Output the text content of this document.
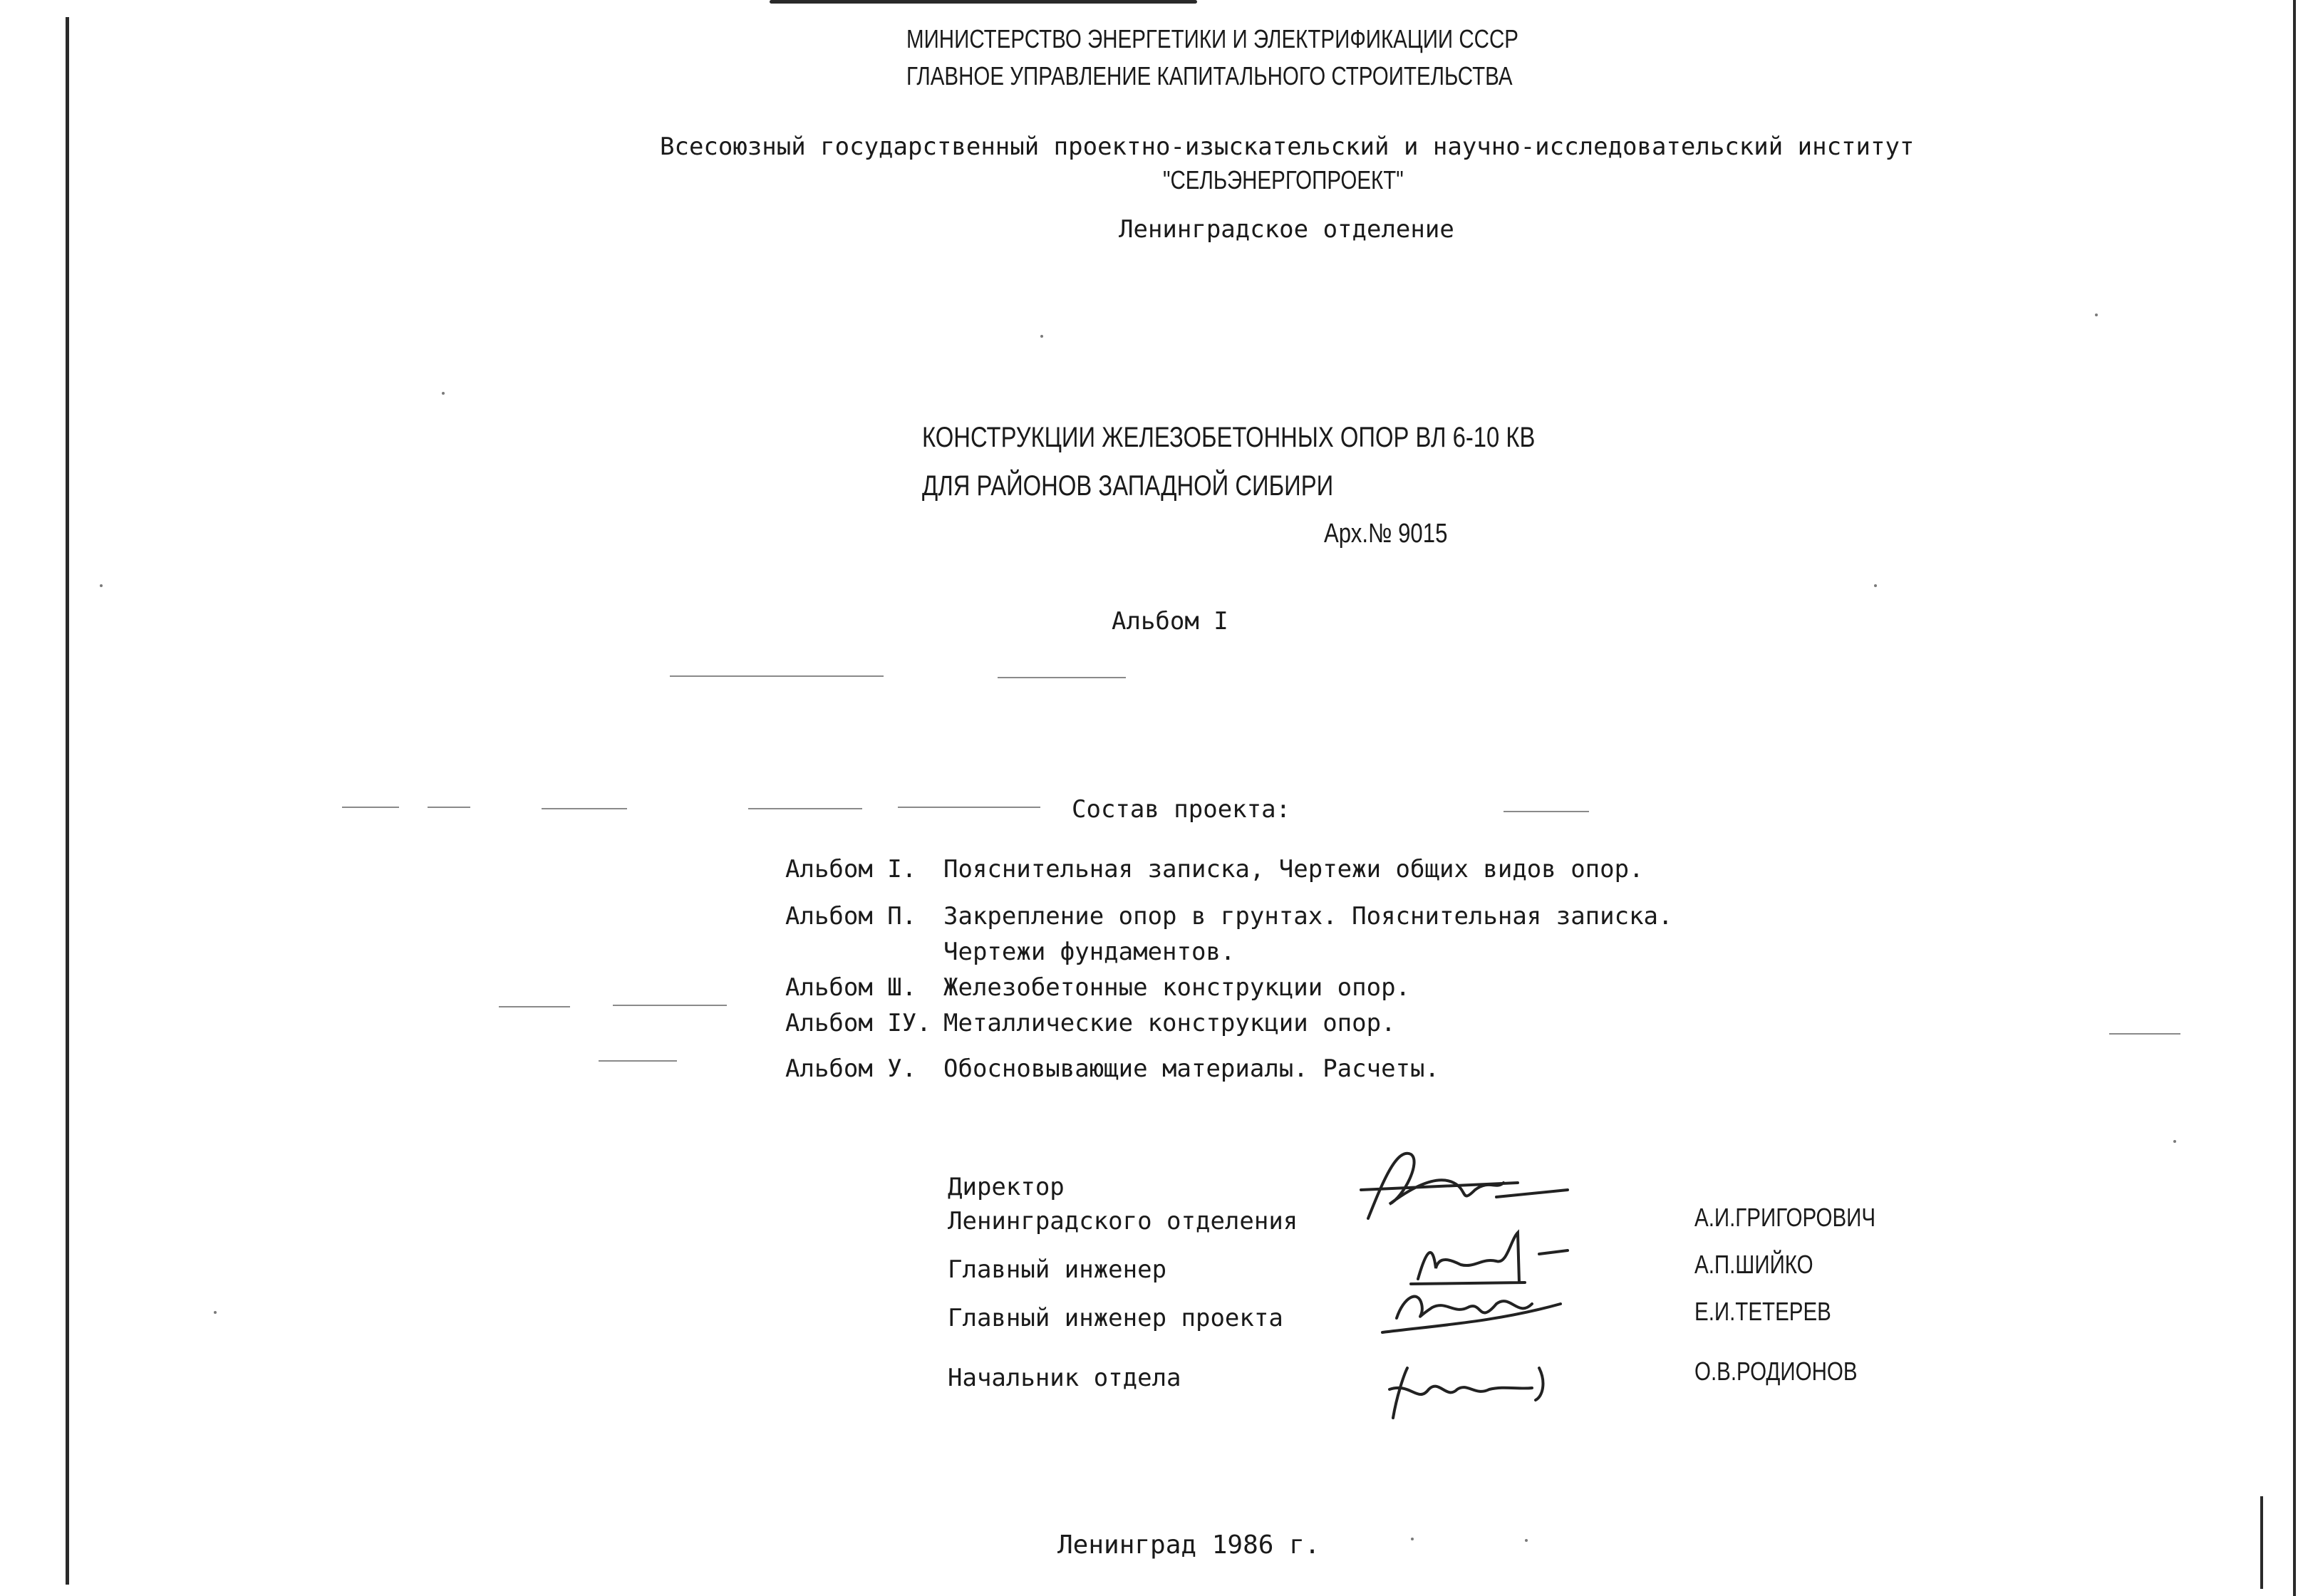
МИНИСТЕРСТВО ЭНЕРГЕТИКИ И ЭЛЕКТРИФИКАЦИИ СССР
ГЛАВНОЕ УПРАВЛЕНИЕ КАПИТАЛЬНОГО СТРОИТЕЛЬСТВА
Всесоюзный государственный проектно-изыскательский и научно-исследовательский институт
"СЕЛЬЭНЕРГОПРОЕКТ"
Ленинградское отделение
КОНСТРУКЦИИ ЖЕЛЕЗОБЕТОННЫХ ОПОР ВЛ 6-10 КВ
ДЛЯ РАЙОНОВ ЗАПАДНОЙ СИБИРИ
Арх.№ 9015
Альбом I
Состав проекта:
Альбом I. Пояснительная записка, Чертежи общих видов опор.
Альбом П. Закрепление опор в грунтах. Пояснительная записка.
Чертежи фундаментов.
Альбом Ш. Железобетонные конструкции опор.
Альбом IУ. Металлические конструкции опор.
Альбом У. Обосновывающие материалы. Расчеты.
Директор
Ленинградского отделения
Главный инженер
Главный инженер проекта
Начальник отдела
А.И.ГРИГОРОВИЧ
А.П.ШИЙКО
Е.И.ТЕТЕРЕВ
О.В.РОДИОНОВ
Ленинград 1986 г.
